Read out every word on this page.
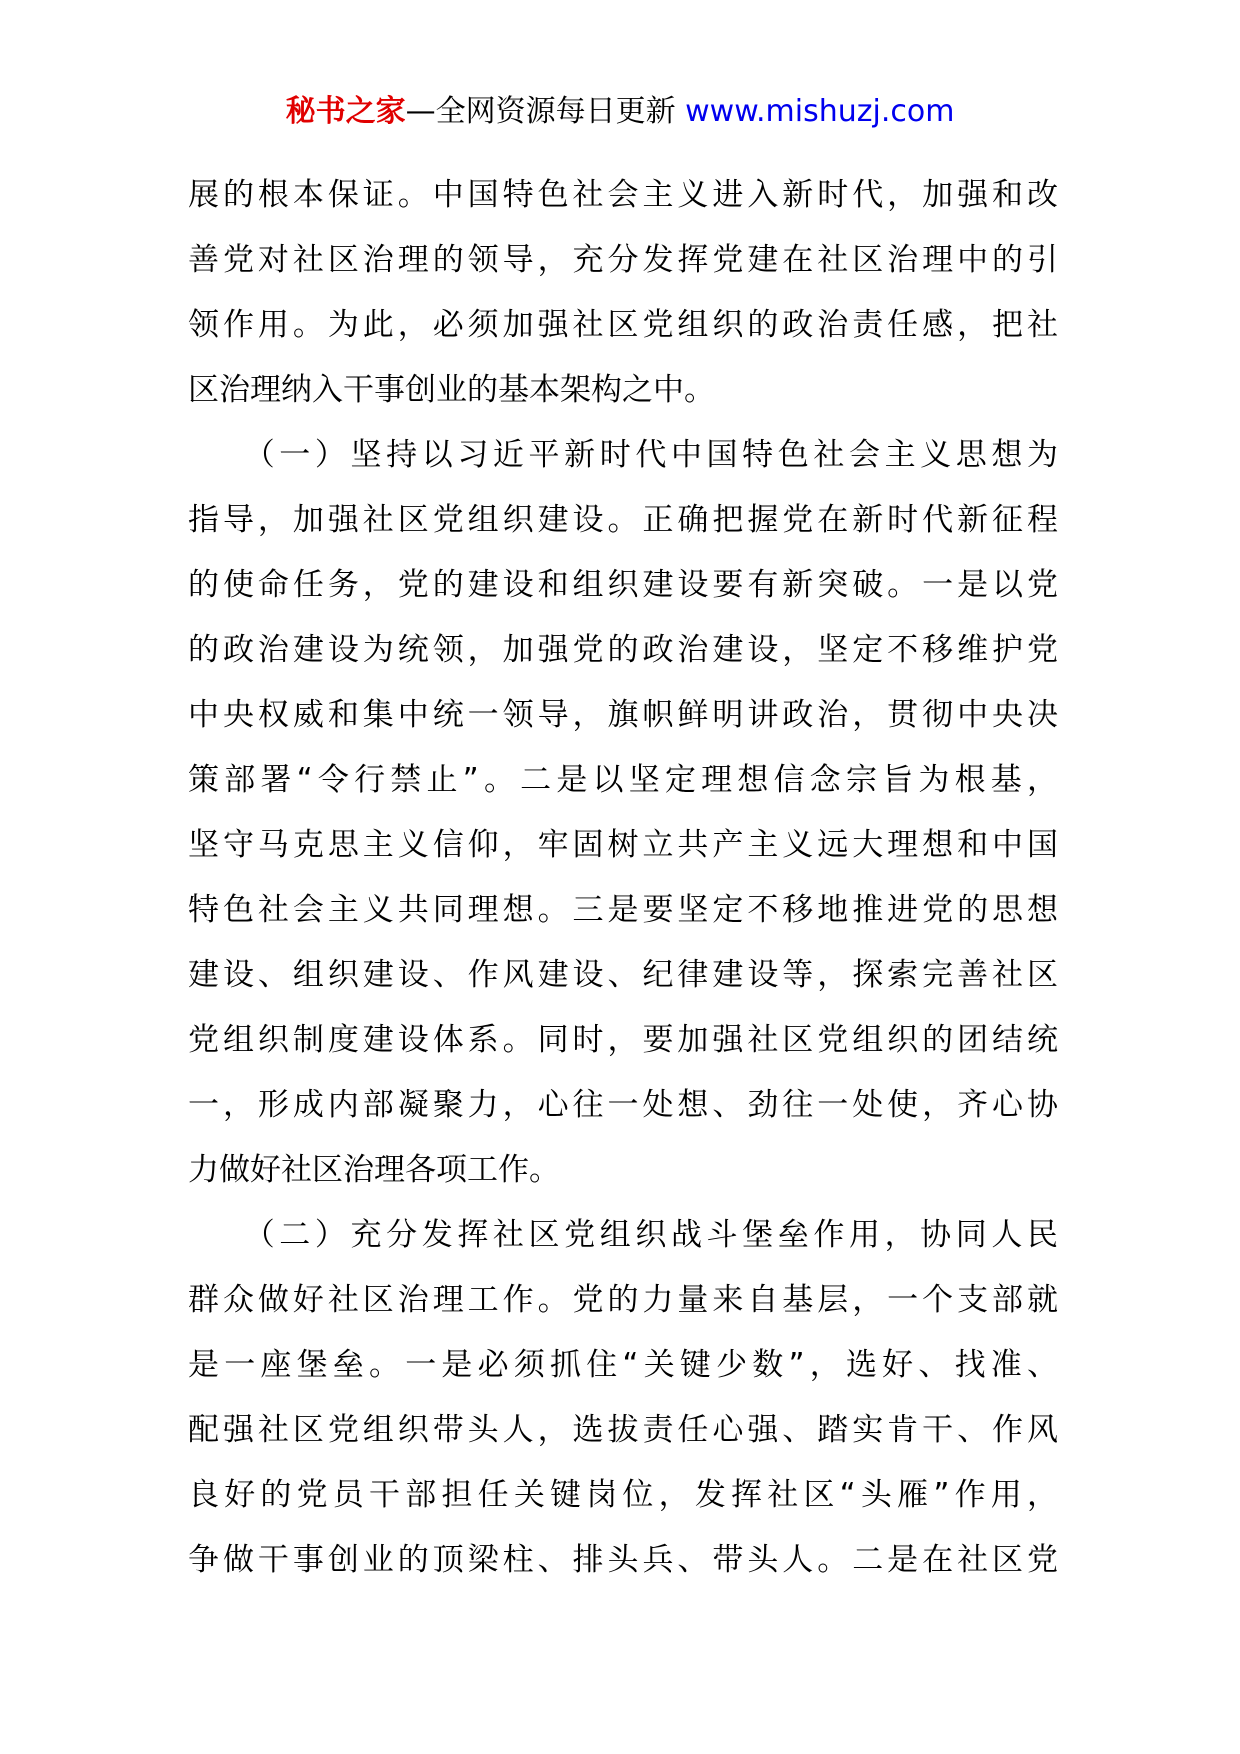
秘书之家—全网资源每日更新 www.mishuzj.com
展的根本保证。中国特色社会主义进入新时代，加强和改
善党对社区治理的领导，充分发挥党建在社区治理中的引
领作用。为此，必须加强社区党组织的政治责任感，把社
区治理纳入干事创业的基本架构之中。
　　（一）坚持以习近平新时代中国特色社会主义思想为
指导，加强社区党组织建设。正确把握党在新时代新征程
的使命任务，党的建设和组织建设要有新突破。一是以党
的政治建设为统领，加强党的政治建设，坚定不移维护党
中央权威和集中统一领导，旗帜鲜明讲政治，贯彻中央决
策部署“令行禁止”。二是以坚定理想信念宗旨为根基，
坚守马克思主义信仰，牢固树立共产主义远大理想和中国
特色社会主义共同理想。三是要坚定不移地推进党的思想
建设、组织建设、作风建设、纪律建设等，探索完善社区
党组织制度建设体系。同时，要加强社区党组织的团结统
一，形成内部凝聚力，心往一处想、劲往一处使，齐心协
力做好社区治理各项工作。
　　（二）充分发挥社区党组织战斗堡垒作用，协同人民
群众做好社区治理工作。党的力量来自基层，一个支部就
是一座堡垒。一是必须抓住“关键少数”，选好、找准、
配强社区党组织带头人，选拔责任心强、踏实肯干、作风
良好的党员干部担任关键岗位，发挥社区“头雁”作用，
争做干事创业的顶梁柱、排头兵、带头人。二是在社区党
